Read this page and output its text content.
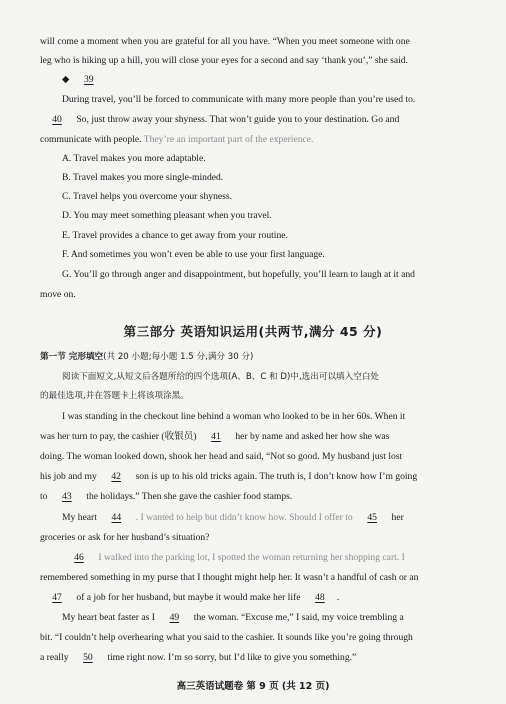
will come a moment when you are grateful for all you have. “When you meet someone with one
leg who is hiking up a hill, you will close your eyes for a second and say ‘thank you’,” she said.
◆ 39
During travel, you’ll be forced to communicate with many more people than you’re used to.
40 So, just throw away your shyness. That won’t guide you to your destination. Go and
communicate with people. They’re an important part of the experience.
A. Travel makes you more adaptable.
B. Travel makes you more single-minded.
C. Travel helps you overcome your shyness.
D. You may meet something pleasant when you travel.
E. Travel provides a chance to get away from your routine.
F. And sometimes you won’t even be able to use your first language.
G. You’ll go through anger and disappointment, but hopefully, you’ll learn to laugh at it and
move on.
第三部分 英语知识运用(共两节,满分 45 分)
第一节 完形填空(共 20 小题;每小题 1.5 分,满分 30 分)
阅读下面短文,从短文后各题所给的四个选项(A、B、C 和 D)中,选出可以填入空白处
的最佳选项,并在答题卡上将该项涂黑。
I was standing in the checkout line behind a woman who looked to be in her 60s. When it
was her turn to pay, the cashier (收银员) 41 her by name and asked her how she was
doing. The woman looked down, shook her head and said, “Not so good. My husband just lost
his job and my 42 son is up to his old tricks again. The truth is, I don’t know how I’m going
to 43 the holidays.” Then she gave the cashier food stamps.
My heart 44 . I wanted to help but didn’t know how. Should I offer to 45 her
groceries or ask for her husband’s situation?
46 I walked into the parking lot, I spotted the woman returning her shopping cart. I
remembered something in my purse that I thought might help her. It wasn’t a handful of cash or an
47 of a job for her husband, but maybe it would make her life 48 .
My heart beat faster as I 49 the woman. “Excuse me,” I said, my voice trembling a
bit. “I couldn’t help overhearing what you said to the cashier. It sounds like you’re going through
a really 50 time right now. I’m so sorry, but I’d like to give you something.”
高三英语试题卷 第 9 页 (共 12 页)
